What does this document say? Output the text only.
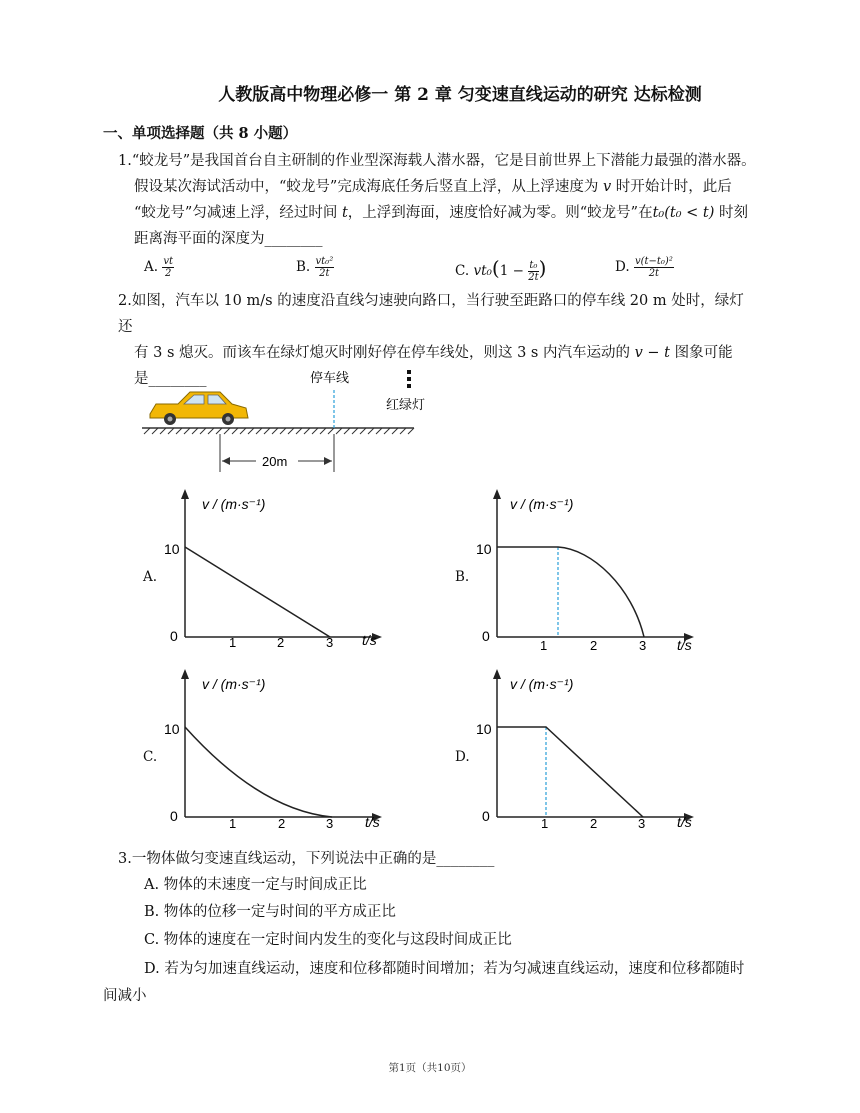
人教版高中物理必修一 第 2 章 匀变速直线运动的研究 达标检测
一、单项选择题（共 8 小题）
1.“蛟龙号”是我国首台自主研制的作业型深海载人潜水器，它是目前世界上下潜能力最强的潜水器。
假设某次海试活动中，“蛟龙号”完成海底任务后竖直上浮，从上浮速度为 v 时开始计时，此后
“蛟龙号”匀减速上浮，经过时间 t，上浮到海面，速度恰好减为零。则“蛟龙号”在t₀(t₀ < t) 时刻
距离海平面的深度为________
A. $\frac{vt}{2}$	B. $\frac{\text{vt₀²}}{2t}$	C. $vt_0(1 - \frac{\text{t₀}}{2t}$ )	D. $\frac{\text{v(t−t₀)²}}{2t}$
2.如图，汽车以 10 m/s 的速度沿直线匀速驶向路口，当行驶至距路口的停车线 20 m 处时，绿灯还
有 3 s 熄灭。而该车在绿灯熄灭时刚好停在停车线处，则这 3 s 内汽车运动的 v − t 图象可能
是________	停车线
红绿灯
20m
A.	B.
C.	D.
v / (m·s⁻¹)
t/s
10
0	1	2	3
v / (m·s⁻¹)
t/s
10
0
1	2	3
v / (m·s⁻¹)
t/s
10
0	1	2	3
v / (m·s⁻¹)
t/s
10
0	1	2	3
3.一物体做匀变速直线运动，下列说法中正确的是________
A. 物体的末速度一定与时间成正比
B. 物体的位移一定与时间的平方成正比
C. 物体的速度在一定时间内发生的变化与这段时间成正比
D. 若为匀加速直线运动，速度和位移都随时间增加；若为匀减速直线运动，速度和位移都随时
间减小
第1页（共10页）
